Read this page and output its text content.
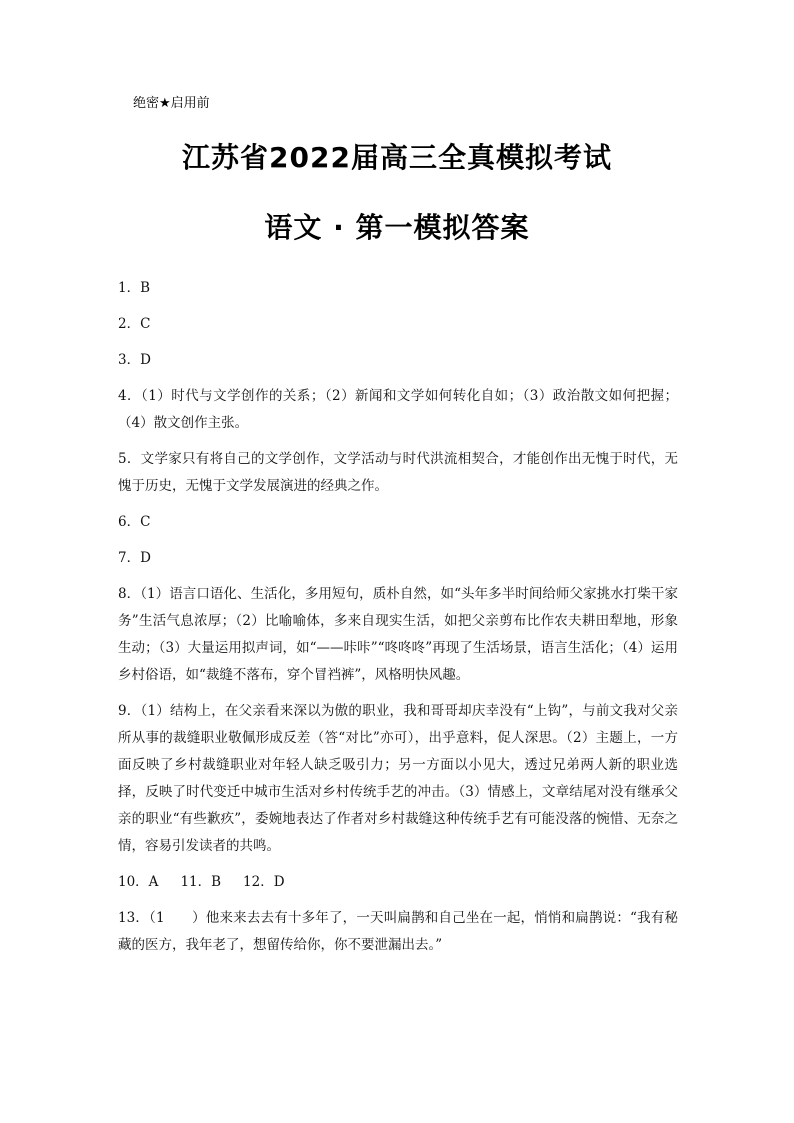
绝密★启用前
江苏省2022届高三全真模拟考试
语文 · 第一模拟答案

1．B

2．C

3．D

4．（1）时代与文学创作的关系；（2）新闻和文学如何转化自如；（3）政治散文如何把握；（4）散文创作主张。

5．文学家只有将自己的文学创作，文学活动与时代洪流相契合，才能创作出无愧于时代，无愧于历史，无愧于文学发展演进的经典之作。

6．C

7．D

8．（1）语言口语化、生活化，多用短句，质朴自然，如“头年多半时间给师父家挑水打柴干家务”生活气息浓厚；（2）比喻喻体，多来自现实生活，如把父亲剪布比作农夫耕田犁地，形象生动；（3）大量运用拟声词，如“——咔咔”“咚咚咚”再现了生活场景，语言生活化；（4）运用乡村俗语，如“裁缝不落布，穿个冒裆裤”，风格明快风趣。

9．（1）结构上，在父亲看来深以为傲的职业，我和哥哥却庆幸没有“上钩”，与前文我对父亲所从事的裁缝职业敬佩形成反差（答“对比”亦可），出乎意料，促人深思。（2）主题上，一方面反映了乡村裁缝职业对年轻人缺乏吸引力；另一方面以小见大，透过兄弟两人新的职业选择，反映了时代变迁中城市生活对乡村传统手艺的冲击。（3）情感上，文章结尾对没有继承父亲的职业“有些歉疚”，委婉地表达了作者对乡村裁缝这种传统手艺有可能没落的惋惜、无奈之情，容易引发读者的共鸣。

10．A 11．B 12．D

13．（1　　）他来来去去有十多年了，一天叫扁鹊和自己坐在一起，悄悄和扁鹊说：“我有秘藏的医方，我年老了，想留传给你，你不要泄漏出去。”
